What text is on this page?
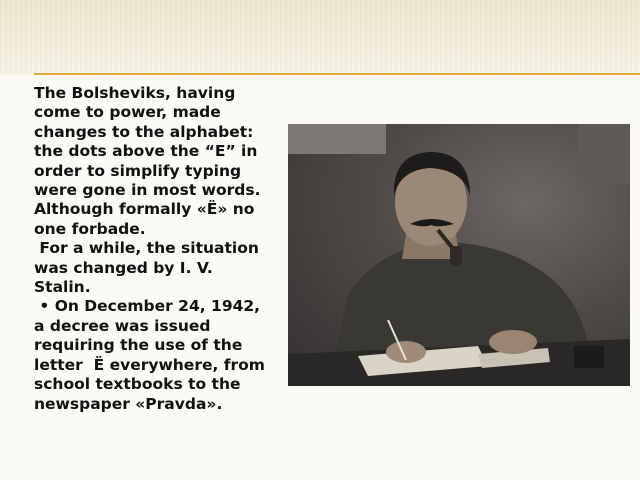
The Bolsheviks, having come to power, made changes to the alphabet: the dots above the “E” in order to simplify typing were gone in most words. Although formally «Ё» no one forbade.

For a while, the situation was changed by I. V. Stalin.

• On December 24, 1942, a decree was issued requiring the use of the letter  Ё everywhere, from school textbooks to the newspaper «Pravda».
